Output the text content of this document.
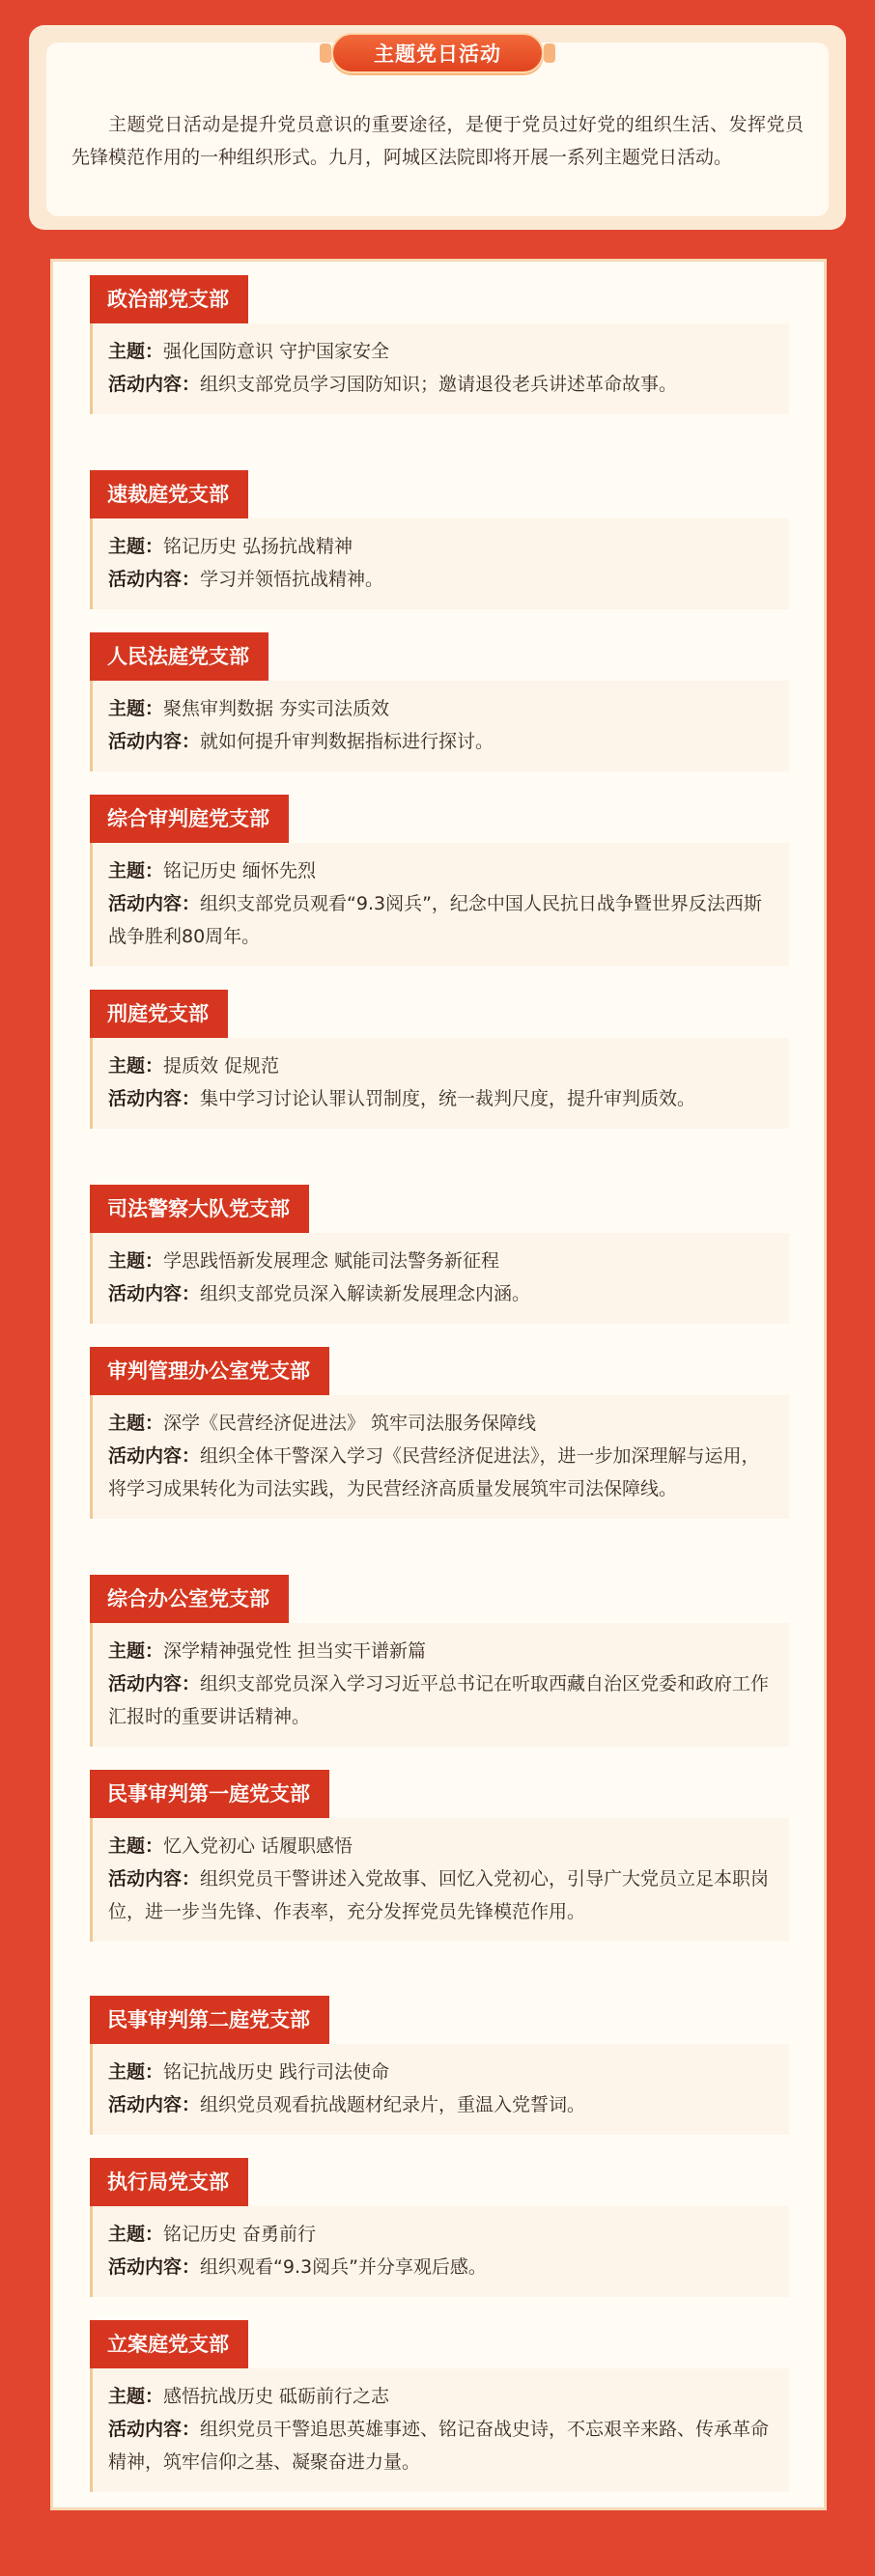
主题党日活动是提升党员意识的重要途径，是便于党员过好党的组织生活、发挥党员先锋模范作用的一种组织形式。九月，阿城区法院即将开展一系列主题党日活动。
主题党日活动
政治部党支部

主题：强化国防意识 守护国家安全

活动内容：组织支部党员学习国防知识；邀请退役老兵讲述革命故事。

速裁庭党支部

主题：铭记历史 弘扬抗战精神

活动内容：学习并领悟抗战精神。

人民法庭党支部

主题：聚焦审判数据 夯实司法质效

活动内容：就如何提升审判数据指标进行探讨。

综合审判庭党支部

主题：铭记历史 缅怀先烈

活动内容：组织支部党员观看“9.3阅兵”，纪念中国人民抗日战争暨世界反法西斯战争胜利80周年。

刑庭党支部

主题：提质效 促规范

活动内容：集中学习讨论认罪认罚制度，统一裁判尺度，提升审判质效。

司法警察大队党支部

主题：学思践悟新发展理念 赋能司法警务新征程

活动内容：组织支部党员深入解读新发展理念内涵。

审判管理办公室党支部

主题：深学《民营经济促进法》 筑牢司法服务保障线

活动内容：组织全体干警深入学习《民营经济促进法》，进一步加深理解与运用，将学习成果转化为司法实践，为民营经济高质量发展筑牢司法保障线。

综合办公室党支部

主题：深学精神强党性 担当实干谱新篇

活动内容：组织支部党员深入学习习近平总书记在听取西藏自治区党委和政府工作汇报时的重要讲话精神。

民事审判第一庭党支部

主题：忆入党初心 话履职感悟

活动内容：组织党员干警讲述入党故事、回忆入党初心，引导广大党员立足本职岗位，进一步当先锋、作表率，充分发挥党员先锋模范作用。

民事审判第二庭党支部

主题：铭记抗战历史 践行司法使命

活动内容：组织党员观看抗战题材纪录片，重温入党誓词。

执行局党支部

主题：铭记历史 奋勇前行

活动内容：组织观看“9.3阅兵”并分享观后感。

立案庭党支部

主题：感悟抗战历史 砥砺前行之志

活动内容：组织党员干警追思英雄事迹、铭记奋战史诗，不忘艰辛来路、传承革命精神，筑牢信仰之基、凝聚奋进力量。
